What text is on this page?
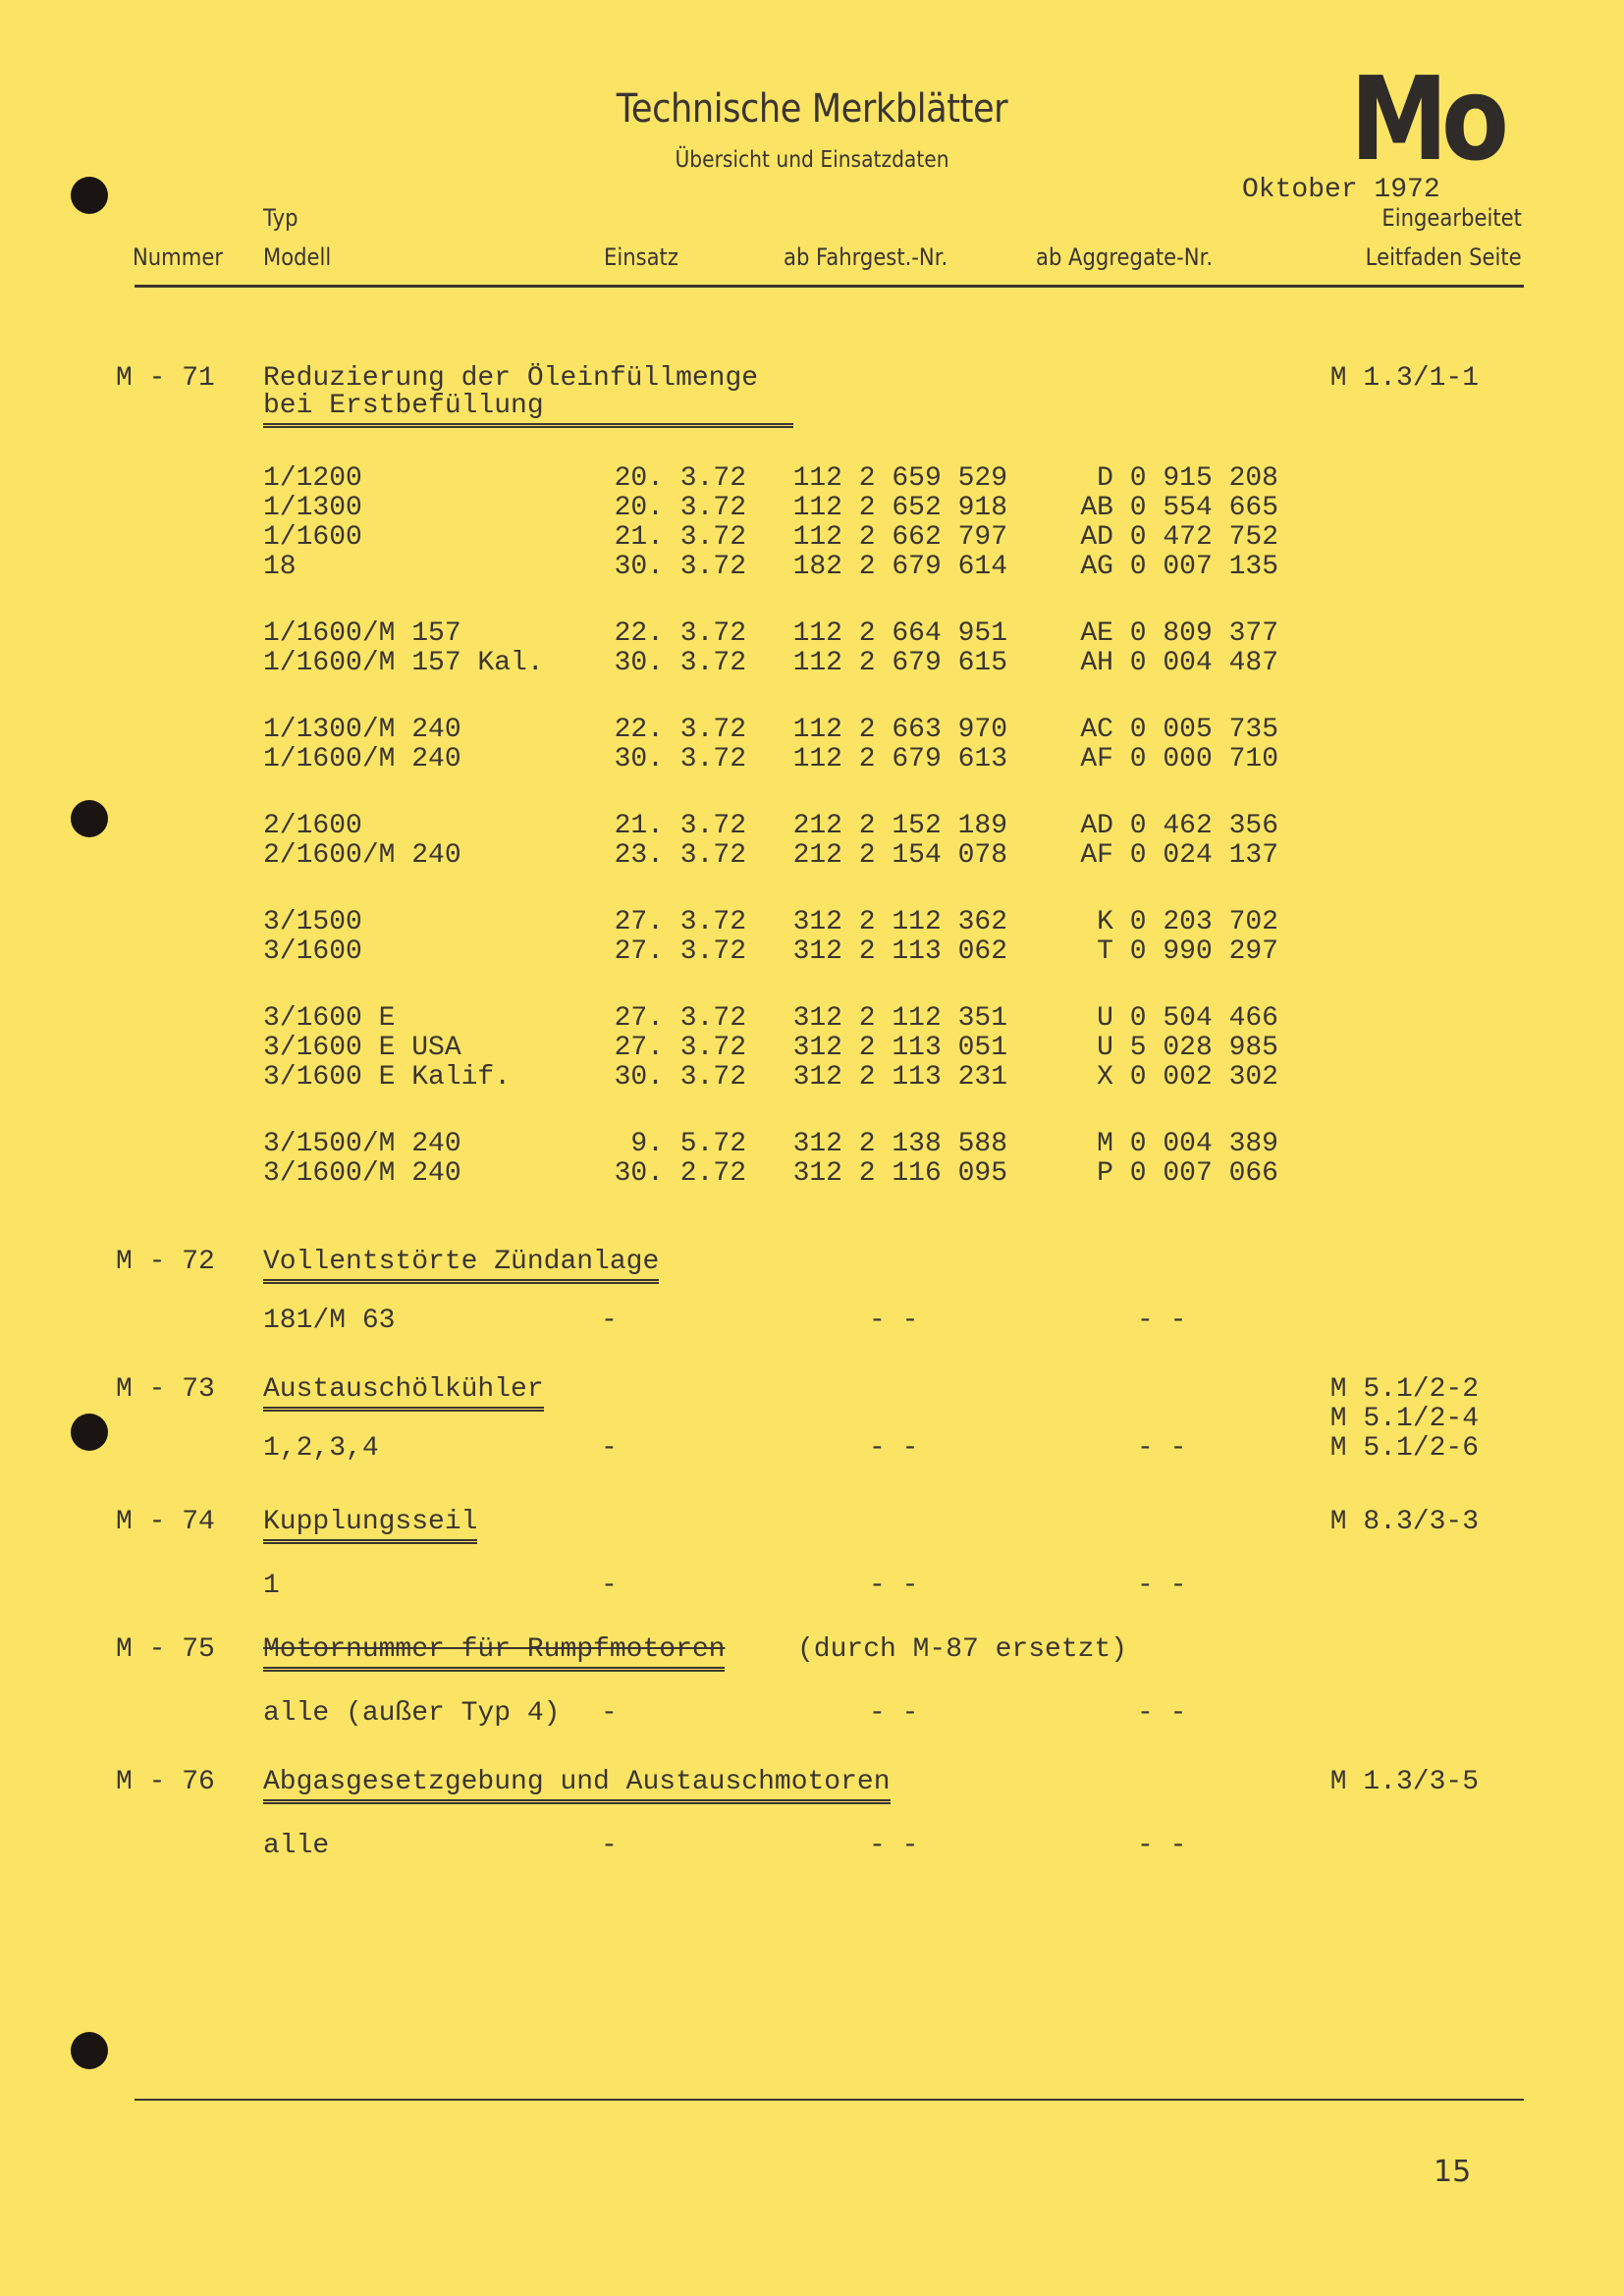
Technische Merkblätter
Übersicht und Einsatzdaten	Mo
Oktober 1972
Typ	Eingearbeitet
Nummer Modell	Einsatz	ab Fahrgest.-Nr.	ab Aggregate-Nr.	Leitfaden Seite
M - 71 Reduzierung der Öleinfüllmenge
bei Erstbefüllung
M 1.3/1-1
1/1200	20. 3.72 112 2 659 529	D 0 915 208
1/1300	20. 3.72 112 2 652 918	AB 0 554 665
1/1600	21. 3.72 112 2 662 797	AD 0 472 752
18	30. 3.72 182 2 679 614	AG 0 007 135
1/1600/M 157	22. 3.72 112 2 664 951	AE 0 809 377
1/1600/M 157 Kal.	30. 3.72 112 2 679 615	AH 0 004 487
1/1300/M 240	22. 3.72 112 2 663 970	AC 0 005 735
1/1600/M 240	30. 3.72 112 2 679 613	AF 0 000 710
2/1600	21. 3.72 212 2 152 189	AD 0 462 356
2/1600/M 240	23. 3.72 212 2 154 078	AF 0 024 137
3/1500	27. 3.72 312 2 112 362	K 0 203 702
3/1600	27. 3.72 312 2 113 062	T 0 990 297
3/1600 E	27. 3.72 312 2 112 351	U 0 504 466
3/1600 E USA	27. 3.72 312 2 113 051	U 5 028 985
3/1600 E Kalif.	30. 3.72 312 2 113 231	X 0 002 302
3/1500/M 240	9. 5.72 312 2 138 588	M 0 004 389
3/1600/M 240	30. 2.72 312 2 116 095	P 0 007 066
M - 72 Vollentstörte Zündanlage
181/M 63	-	- -	- -
M - 73 Austauschölkühler	M 5.1/2-2
M 5.1/2-4
M 5.1/2-6
1,2,3,4	-	- -	- -
M - 74 Kupplungsseil	M 8.3/3-3
1	-	- -	- -
M - 75 Motornummer für Rumpfmotoren	(durch M-87 ersetzt)
alle (außer Typ 4) -	- -	- -
M - 76 Abgasgesetzgebung und Austauschmotoren	M 1.3/3-5
alle	-	- -	- -
15
